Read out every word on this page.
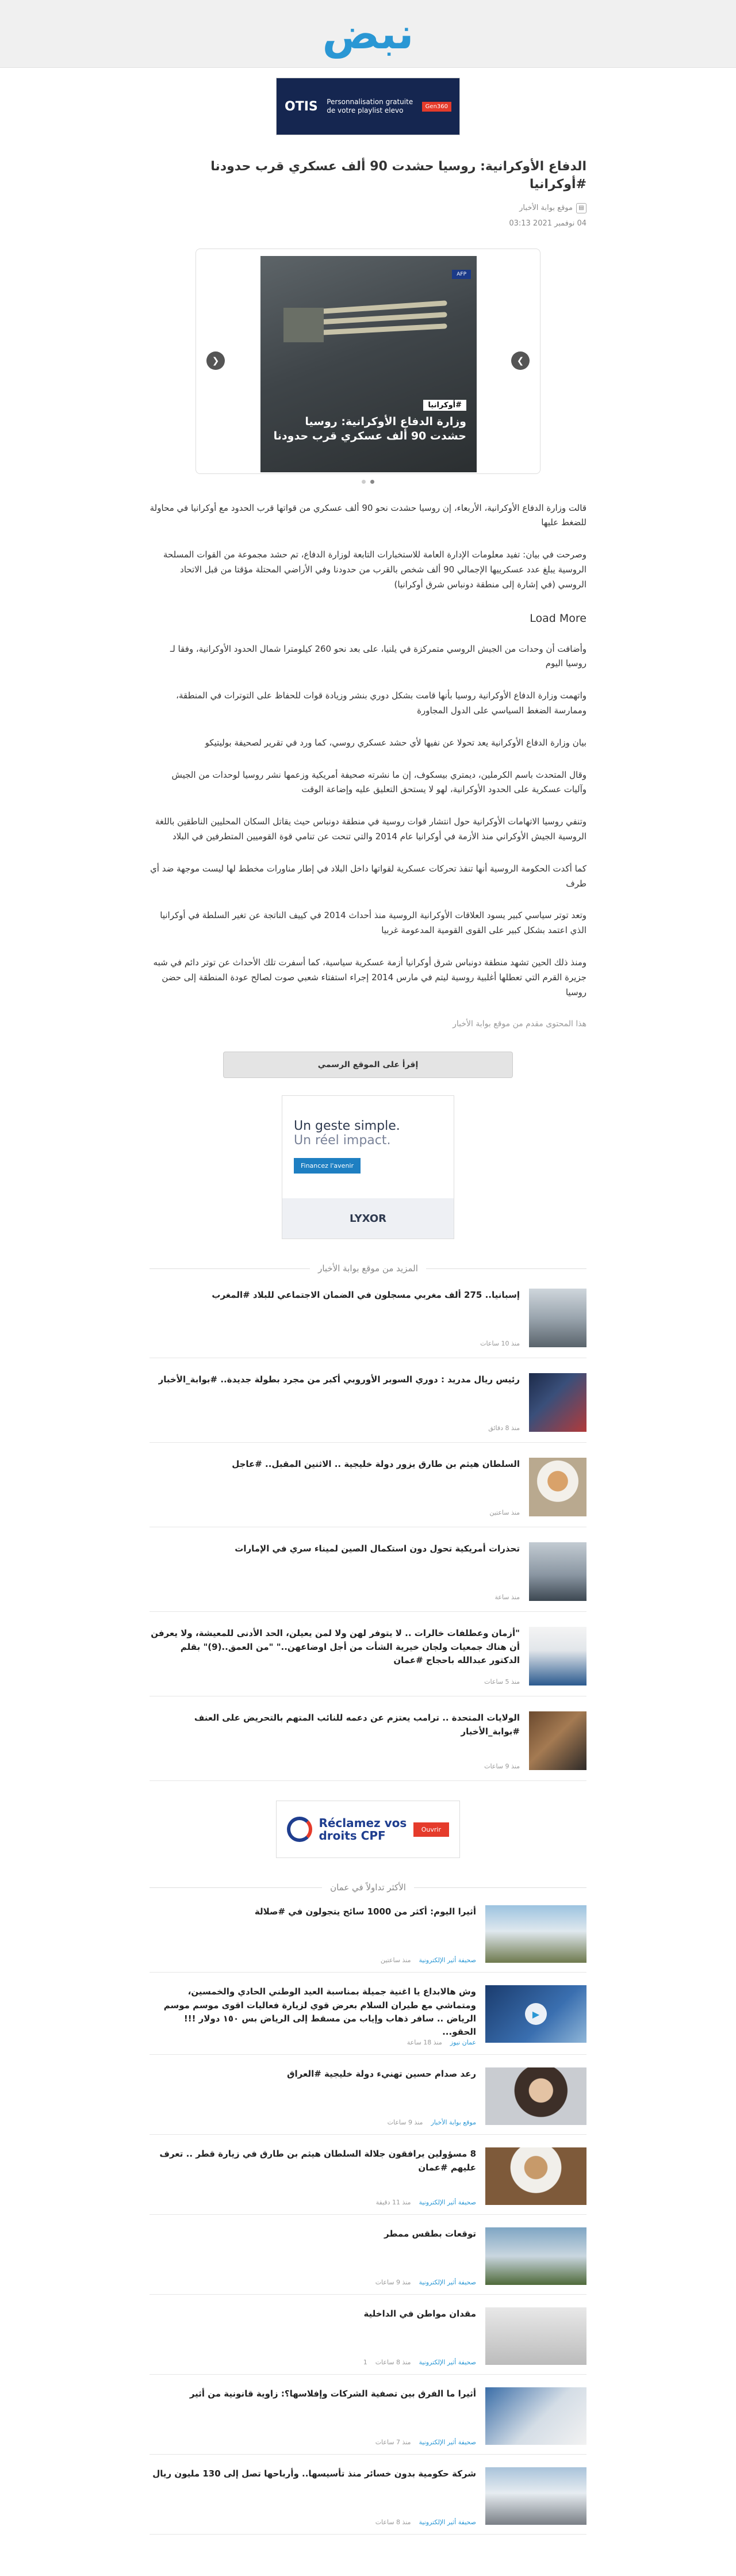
نبض
Gen360
Personnalisation gratuite de votre playlist elevo
OTIS
الدفاع الأوكرانية: روسيا حشدت 90 ألف عسكري قرب حدودنا #أوكرانيا
▤
موقع بوابة الأخبار
04 نوفمبر 2021 03:13
AFP
#أوكرانيا
وزارة الدفاع الأوكرانية: روسيا حشدت 90 ألف عسكري قرب حدودنا
❮	❯

قالت وزارة الدفاع الأوكرانية، الأربعاء، إن روسيا حشدت نحو 90 ألف عسكري من قواتها قرب الحدود مع أوكرانيا في محاولة للضغط عليها

وصرحت في بيان: تفيد معلومات الإدارة العامة للاستخبارات التابعة لوزارة الدفاع، تم حشد مجموعة من القوات المسلحة الروسية يبلغ عدد عسكرييها الإجمالي 90 ألف شخص بالقرب من حدودنا وفي الأراضي المحتلة مؤقتا من قبل الاتحاد الروسي (في إشارة إلى منطقة دونباس شرق أوكرانيا)

Load More

وأضافت أن وحدات من الجيش الروسي متمركزة في يلنيا، على بعد نحو 260 كيلومترا شمال الحدود الأوكرانية، وفقا لـ روسيا اليوم

واتهمت وزارة الدفاع الأوكرانية روسيا بأنها قامت بشكل دوري بنشر وزيادة قوات للحفاظ على التوترات في المنطقة، وممارسة الضغط السياسي على الدول المجاورة

بيان وزارة الدفاع الأوكرانية يعد تحولا عن نفيها لأي حشد عسكري روسي، كما ورد في تقرير لصحيفة بوليتيكو

وقال المتحدث باسم الكرملين، ديمتري بيسكوف، إن ما نشرته صحيفة أمريكية وزعمها نشر روسيا لوحدات من الجيش وآليات عسكرية على الحدود الأوكرانية، لهو لا يستحق التعليق عليه وإضاعة الوقت

وتنفي روسيا الاتهامات الأوكرانية حول انتشار قوات روسية في منطقة دونباس حيث يقاتل السكان المحليين الناطقين باللغة الروسية الجيش الأوكراني منذ الأزمة في أوكرانيا عام 2014 والتي تنحت عن تنامي قوة القوميين المتطرفين في البلاد

كما أكدت الحكومة الروسية أنها تنفذ تحركات عسكرية لقواتها داخل البلاد في إطار مناورات مخطط لها ليست موجهة ضد أي طرف

وتعد توتر سياسي كبير يسود العلاقات الأوكرانية الروسية منذ أحداث 2014 في كييف الناتجة عن تغير السلطة في أوكرانيا الذي اعتمد بشكل كبير على القوى القومية المدعومة غربيا

ومنذ ذلك الحين تشهد منطقة دونباس شرق أوكرانيا أزمة عسكرية سياسية، كما أسفرت تلك الأحداث عن توتر دائم في شبه جزيرة القرم التي تعطلها أغلبية روسية ليتم في مارس 2014 إجراء استفتاء شعبي صوت لصالح عودة المنطقة إلى حضن روسيا

هذا المحتوى مقدم من موقع بوابة الأخبار
إقرأ على الموقع الرسمي
Un geste simple.
Un réel impact.
Financez l'avenir
LYXOR
المزيد من موقع بوابة الأخبار
إسبانيا.. 275 ألف مغربي مسجلون في الضمان الاجتماعي للبلاد #المغرب
منذ 10 ساعات
رئيس ريال مدريد : دوري السوبر الأوروبي أكبر من مجرد بطولة جديدة.. #بوابة_الأخبار
منذ 8 دقائق
السلطان هيثم بن طارق يزور دولة خليجية .. الاثنين المقبل.. #عاجل
منذ ساعتين
تحذرات أمريكية تحول دون استكمال الصين لميناء سري في الإمارات
منذ ساعة
"أزمان وعطلفات خالرات .. لا يتوفر لهن ولا لمن يعيلن، الحد الأدنى للمعيشة، ولا يعرفن أن هناك جمعيات ولجان خيرية الشأت من أجل اوضاعهن.." "من العمق..(9)" بقلم الدكتور عبدالله باحجاج #عمان
منذ 5 ساعات
الولايات المتحدة .. ترامب يعتزم عن دعمه للنائب المتهم بالتحريض على العنف #بوابة_الأخبار
منذ 9 ساعات
Réclamez vos
droits CPF	Ouvrir
الأكثر تداولاً في عمان
أثيرا اليوم: أكثر من 1000 سائح يتجولون في #صلالة
صحيفة أثير الإلكترونية
منذ ساعتين
▶
وش هالابداع يا اغنية جميلة بمناسبة العيد الوطني الحادي والخمسين، ومتماشي مع طيران السلام بعرض قوي لزيارة فعاليات اقوى موسم موسم الرياض .. سافر ذهاب وإياب من مسقط إلى الرياض بس ١٥٠ دولار !!! الحقو...
عمان نيوز
منذ 18 ساعة
رعد صدام حسين تهنيء دولة خليجية #العراق
موقع بوابة الأخبار
منذ 9 ساعات
8 مسؤولين يرافقون جلالة السلطان هيثم بن طارق في زيارة قطر .. تعرف عليهم #عمان
صحيفة أثير الإلكترونية
منذ 11 دقيقة
توقعات بطقس ممطر
صحيفة أثير الإلكترونية
منذ 9 ساعات
مقدان مواطن في الداخلية
صحيفة أثير الإلكترونية
منذ 8 ساعات
1
أثيرا ما الفرق بين تصفية الشركات وإفلاسها؟: زاوية قانونية من أثير
صحيفة أثير الإلكترونية
منذ 7 ساعات
شركة حكومية بدون خسائر منذ تأسيسها.. وأرباحها تصل إلى 130 مليون ريال
صحيفة أثير الإلكترونية
منذ 8 ساعات
